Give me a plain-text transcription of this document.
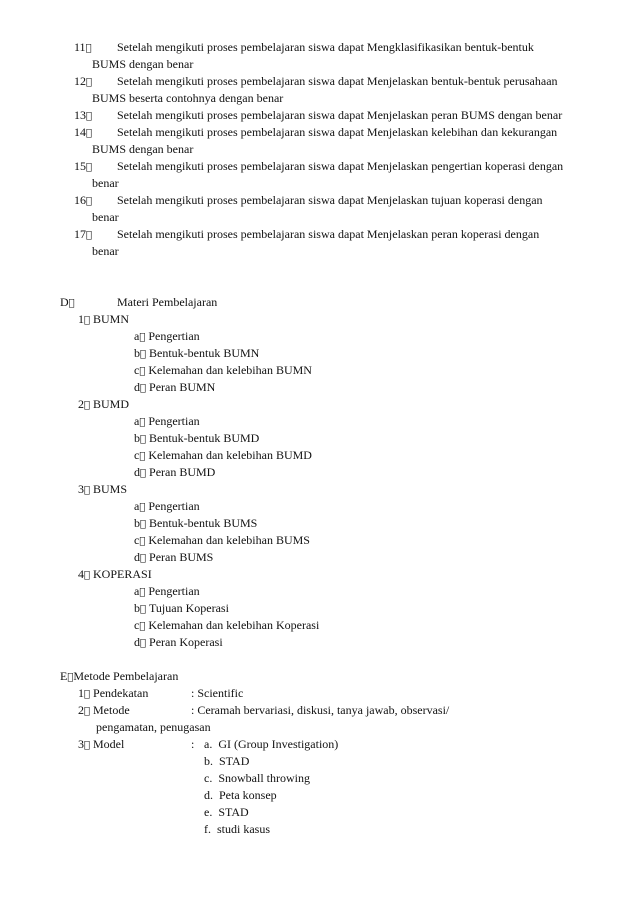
11	Setelah mengikuti proses pembelajaran siswa dapat Mengklasifikasikan bentuk-bentuk
BUMS dengan benar
12	Setelah mengikuti proses pembelajaran siswa dapat Menjelaskan bentuk-bentuk perusahaan
BUMS beserta contohnya dengan benar
13	Setelah mengikuti proses pembelajaran siswa dapat Menjelaskan peran BUMS dengan benar
14	Setelah mengikuti proses pembelajaran siswa dapat Menjelaskan kelebihan dan kekurangan
BUMS dengan benar
15	Setelah mengikuti proses pembelajaran siswa dapat Menjelaskan pengertian koperasi dengan
benar
16	Setelah mengikuti proses pembelajaran siswa dapat Menjelaskan tujuan koperasi dengan
benar
17	Setelah mengikuti proses pembelajaran siswa dapat Menjelaskan peran koperasi dengan
benar
D	Materi Pembelajaran
1 BUMN
a Pengertian
b Bentuk-bentuk BUMN
c Kelemahan dan kelebihan BUMN
d Peran BUMN
2 BUMD
a Pengertian
b Bentuk-bentuk BUMD
c Kelemahan dan kelebihan BUMD
d Peran BUMD
3 BUMS
a Pengertian
b Bentuk-bentuk BUMS
c Kelemahan dan kelebihan BUMS
d Peran BUMS
4 KOPERASI
a Pengertian
b Tujuan Koperasi
c Kelemahan dan kelebihan Koperasi
d Peran Koperasi
E Metode Pembelajaran
1 Pendekatan	: Scientific
2 Metode	: Ceramah bervariasi, diskusi, tanya jawab, observasi/
pengamatan, penugasan
3 Model	: a. GI (Group Investigation)
b. STAD
c. Snowball throwing
d. Peta konsep
e. STAD
f. studi kasus
